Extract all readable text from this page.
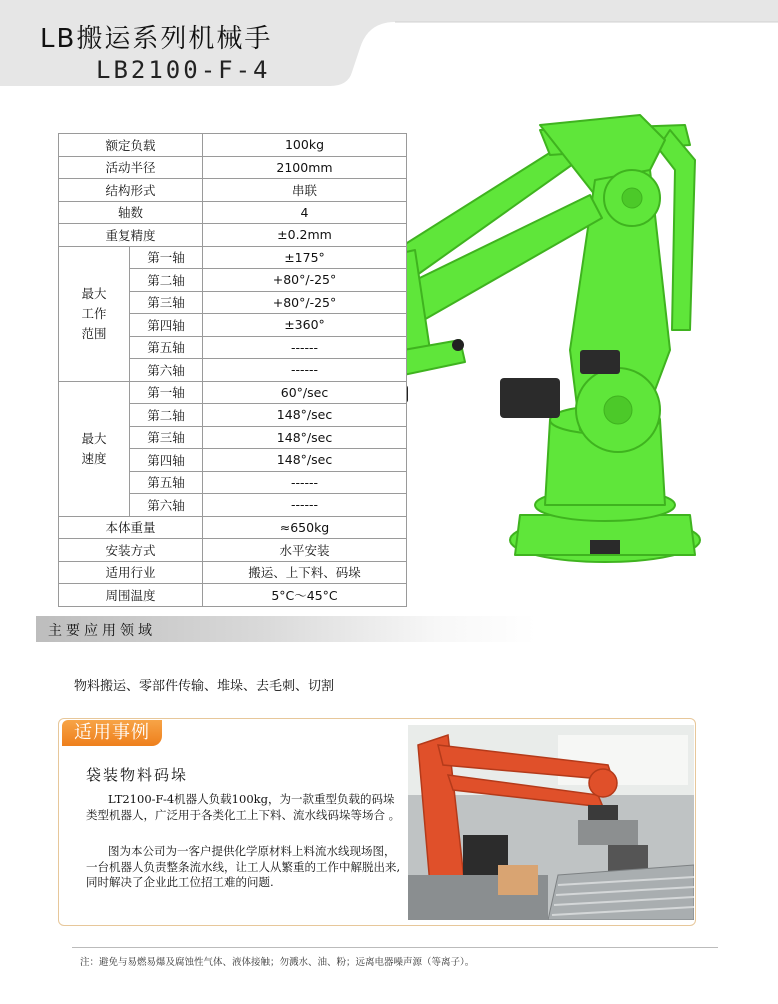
LB搬运系列机械手
LB2100-F-4
额定负载		100kg
活动半径		2100mm
结构形式		串联
轴数		4
重复精度		±0.2mm
最大
工作
范围	第一轴	±175°
	第二轴	+80°/-25°
	第三轴	+80°/-25°
	第四轴	±360°
	第五轴	------
	第六轴	------
最大
速度	第一轴	60°/sec
	第二轴	148°/sec
	第三轴	148°/sec
	第四轴	148°/sec
	第五轴	------
	第六轴	------
本体重量		≈650kg
安装方式		水平安装
适用行业		搬运、上下料、码垛
周围温度		5°C～45°C
主要应用领域
物料搬运、零部件传输、堆垛、去毛刺、切割
适用事例
袋装物料码垛

LT2100-F-4机器人负载100kg，为一款重型负载的码垛类型机器人，广泛用于各类化工上下料、流水线码垛等场合 。

图为本公司为一客户提供化学原材料上料流水线现场图，一台机器人负责整条流水线，让工人从繁重的工作中解脱出来,同时解决了企业此工位招工难的问题.

注：避免与易燃易爆及腐蚀性气体、液体接触；勿溅水、油、粉；远离电器噪声源（等离子）。
